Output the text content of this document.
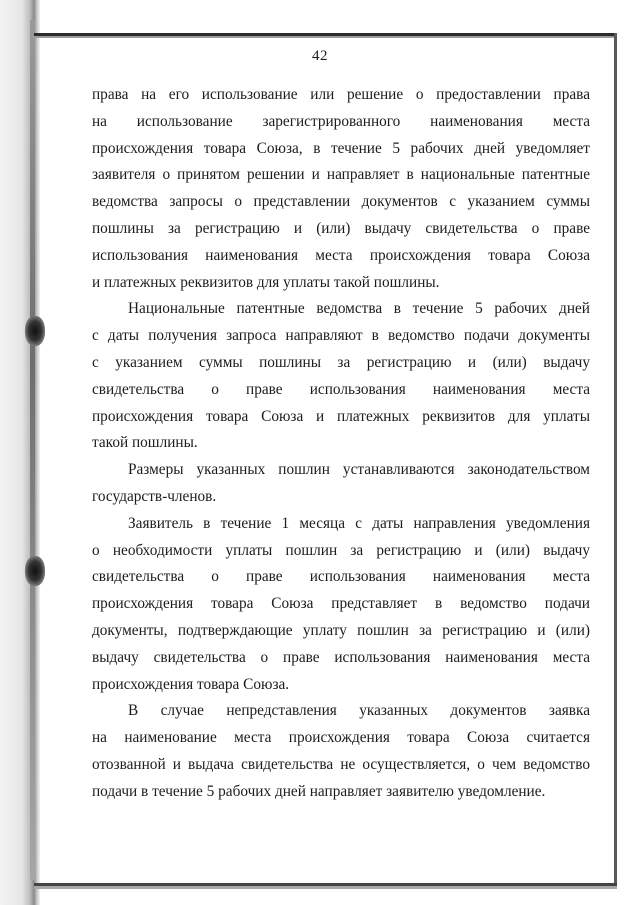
42
права на его использование или решение о предоставлении права
на использование зарегистрированного наименования места
происхождения товара Союза, в течение 5 рабочих дней уведомляет
заявителя о принятом решении и направляет в национальные патентные
ведомства запросы о представлении документов с указанием суммы
пошлины за регистрацию и (или) выдачу свидетельства о праве
использования наименования места происхождения товара Союза
и платежных реквизитов для уплаты такой пошлины.
Национальные патентные ведомства в течение 5 рабочих дней
с даты получения запроса направляют в ведомство подачи документы
с указанием суммы пошлины за регистрацию и (или) выдачу
свидетельства о праве использования наименования места
происхождения товара Союза и платежных реквизитов для уплаты
такой пошлины.
Размеры указанных пошлин устанавливаются законодательством
государств-членов.
Заявитель в течение 1 месяца с даты направления уведомления
о необходимости уплаты пошлин за регистрацию и (или) выдачу
свидетельства о праве использования наименования места
происхождения товара Союза представляет в ведомство подачи
документы, подтверждающие уплату пошлин за регистрацию и (или)
выдачу свидетельства о праве использования наименования места
происхождения товара Союза.
В случае непредставления указанных документов заявка
на наименование места происхождения товара Союза считается
отозванной и выдача свидетельства не осуществляется, о чем ведомство
подачи в течение 5 рабочих дней направляет заявителю уведомление.
